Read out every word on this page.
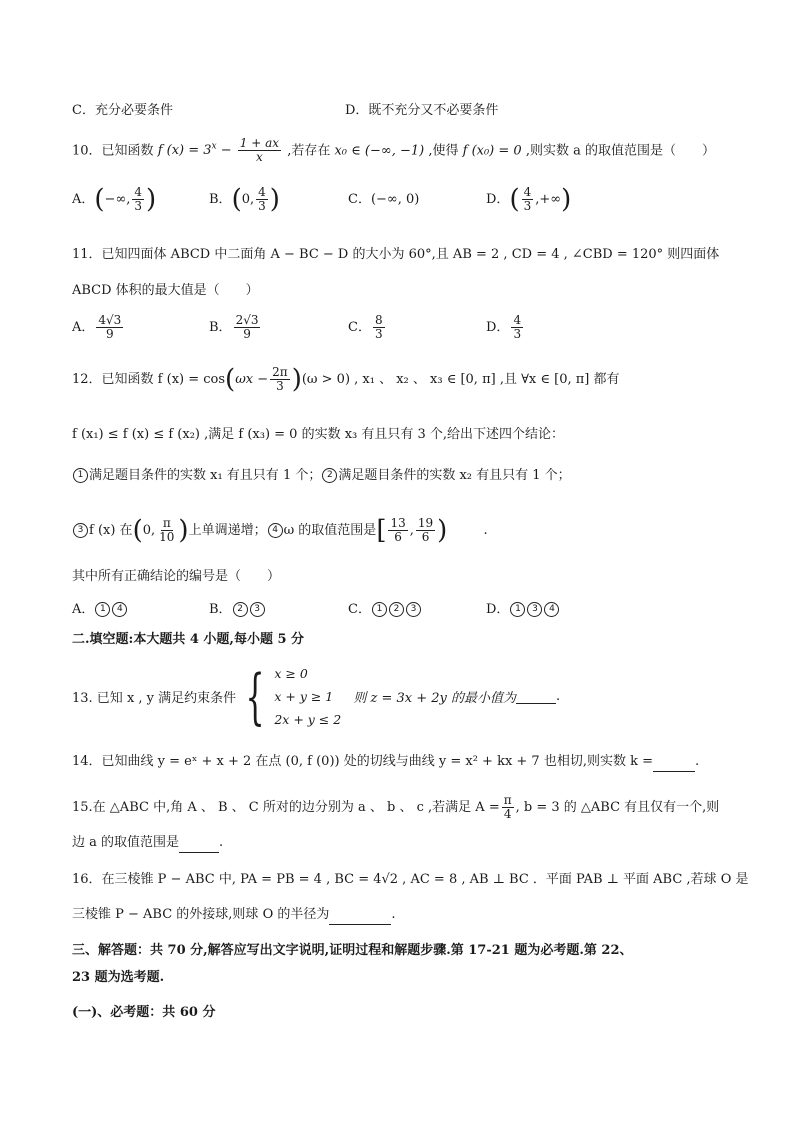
C．充分必要条件	D．既不充分又不必要条件
10．已知函数 f $(x) = 3^x - \frac{1 + ax}{x}$ ,若存在 x₀ ∈ (−∞, −1) ,使得 f (x₀) = 0 ,则实数 a 的取值范围是（　　）
A．(−∞, $\frac{4}{3}$ )	B．(0, $\frac{4}{3}$ )	C．(−∞, 0)	D．( $\frac{4}{3}$ ,+∞)
11．已知四面体 ABCD 中二面角 A − BC − D 的大小为 60°,且 AB = 2 , CD = 4 , ∠CBD = 120° 则四面体
ABCD 体积的最大值是（　　）
A． $\frac{4√3}{9}$	B． $\frac{2√3}{9}$	C． $\frac{8}{3}$	D． $\frac{4}{3}$
12．已知函数 f $(x) = \cos(\omega x - \frac{2\pi}{3} )(\omega > 0)$ , x₁ 、 x₂ 、 x₃ ∈ [0, π] ,且 ∀x ∈ [0, π] 都有
f (x₁) ≤ f (x) ≤ f (x₂) ,满足 f (x₃) = 0 的实数 x₃ 有且只有 3 个,给出下述四个结论：
1 满足题目条件的实数 x₁ 有且只有 1 个； 2 满足题目条件的实数 x₂ 有且只有 1 个；
3 f (x) 在(0, $\frac{\pi}{10}$ )上单调递增； 4 ω 的取值范围是[ $\frac{13}{6}$ , $\frac{19}{6}$ )	.
其中所有正确结论的编号是（　　）
A． 1 4	B． 2 3	C． 1 2 3	D． 1 3 4
二.填空题:本大题共 4 小题,每小题 5 分
13. 已知 x , y 满足约束条件 { x ≥ 0
x + y ≥ 1
2x + y ≤ 2
则 z = 3x + 2y 的最小值为	.
14．已知曲线 y = eˣ + x + 2 在点 (0, f (0)) 处的切线与曲线 y = x² + kx + 7 也相切,则实数 k =	.
15.在 △ABC 中,角 A 、 B 、 C 所对的边分别为 a 、 b 、 c ,若满足 $A = \frac{\pi}{4}$ , b = 3 的 △ABC 有且仅有一个,则
边 a 的取值范围是	.
16．在三棱锥 P − ABC 中, PA = PB = 4 , BC = 4√2 , AC = 8 , AB ⊥ BC ．平面 PAB ⊥ 平面 ABC ,若球 O 是
三棱锥 P − ABC 的外接球,则球 O 的半径为	.
三、解答题：共 70 分,解答应写出文字说明,证明过程和解题步骤.第 17-21 题为必考题.第 22、
23 题为选考题.
(一)、必考题：共 60 分
